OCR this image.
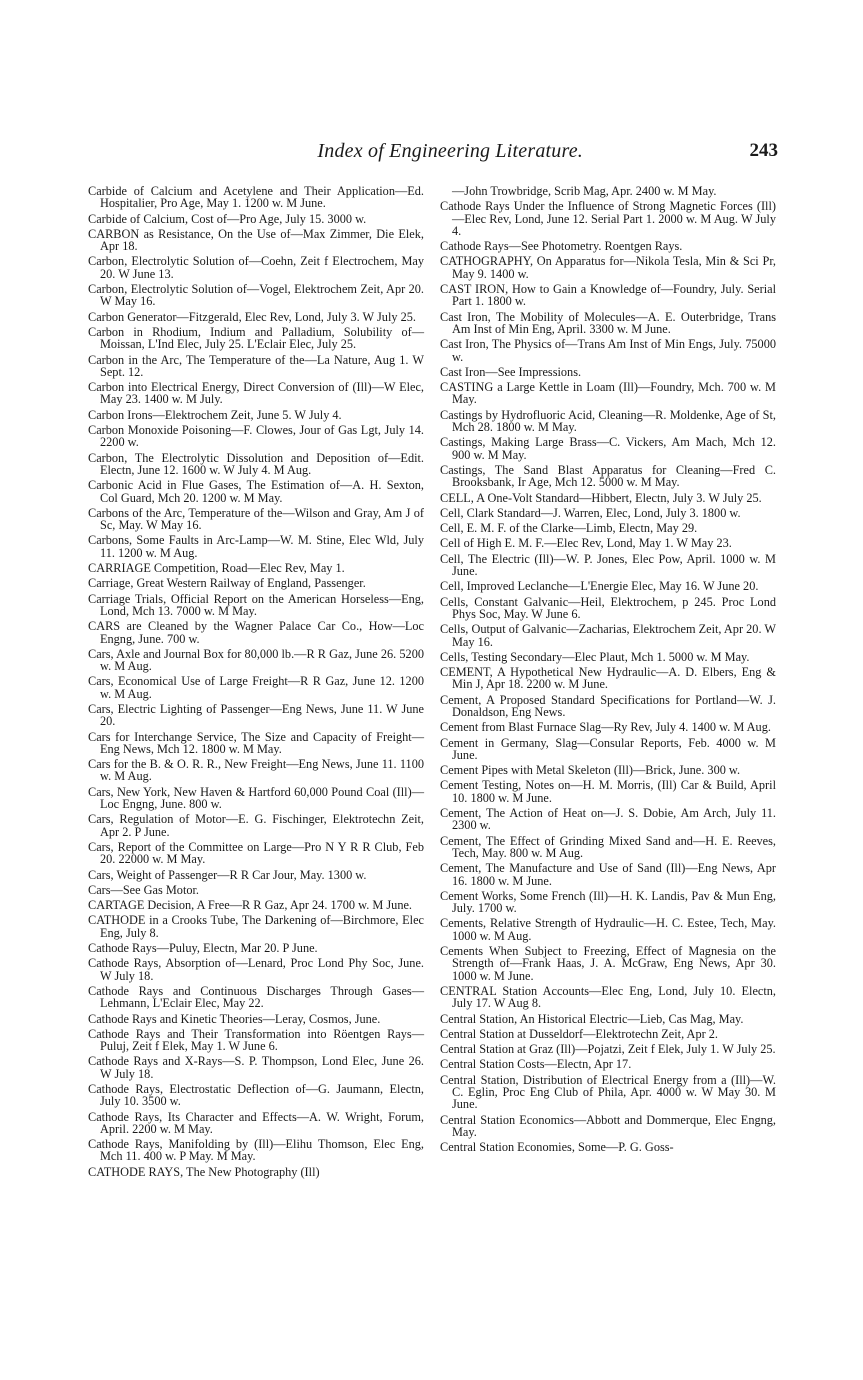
Index of Engineering Literature.	243

Carbide of Calcium and Acetylene and Their Application—Ed. Hospitalier, Pro Age, May 1. 1200 w. M June.

Carbide of Calcium, Cost of—Pro Age, July 15. 3000 w.

CARBON as Resistance, On the Use of—Max Zimmer, Die Elek, Apr 18.

Carbon, Electrolytic Solution of—Coehn, Zeit f Electrochem, May 20. W June 13.

Carbon, Electrolytic Solution of—Vogel, Elektrochem Zeit, Apr 20. W May 16.

Carbon Generator—Fitzgerald, Elec Rev, Lond, July 3. W July 25.

Carbon in Rhodium, Indium and Palladium, Solubility of—Moissan, L'Ind Elec, July 25. L'Eclair Elec, July 25.

Carbon in the Arc, The Temperature of the—La Nature, Aug 1. W Sept. 12.

Carbon into Electrical Energy, Direct Conversion of (Ill)—W Elec, May 23. 1400 w. M July.

Carbon Irons—Elektrochem Zeit, June 5. W July 4.

Carbon Monoxide Poisoning—F. Clowes, Jour of Gas Lgt, July 14. 2200 w.

Carbon, The Electrolytic Dissolution and Deposition of—Edit. Electn, June 12. 1600 w. W July 4. M Aug.

Carbonic Acid in Flue Gases, The Estimation of—A. H. Sexton, Col Guard, Mch 20. 1200 w. M May.

Carbons of the Arc, Temperature of the—Wilson and Gray, Am J of Sc, May. W May 16.

Carbons, Some Faults in Arc-Lamp—W. M. Stine, Elec Wld, July 11. 1200 w. M Aug.

CARRIAGE Competition, Road—Elec Rev, May 1.

Carriage, Great Western Railway of England, Passenger.

Carriage Trials, Official Report on the American Horseless—Eng, Lond, Mch 13. 7000 w. M May.

CARS are Cleaned by the Wagner Palace Car Co., How—Loc Engng, June. 700 w.

Cars, Axle and Journal Box for 80,000 lb.—R R Gaz, June 26. 5200 w. M Aug.

Cars, Economical Use of Large Freight—R R Gaz, June 12. 1200 w. M Aug.

Cars, Electric Lighting of Passenger—Eng News, June 11. W June 20.

Cars for Interchange Service, The Size and Capacity of Freight—Eng News, Mch 12. 1800 w. M May.

Cars for the B. & O. R. R., New Freight—Eng News, June 11. 1100 w. M Aug.

Cars, New York, New Haven & Hartford 60,000 Pound Coal (Ill)—Loc Engng, June. 800 w.

Cars, Regulation of Motor—E. G. Fischinger, Elektrotechn Zeit, Apr 2. P June.

Cars, Report of the Committee on Large—Pro N Y R R Club, Feb 20. 22000 w. M May.

Cars, Weight of Passenger—R R Car Jour, May. 1300 w.

Cars—See Gas Motor.

CARTAGE Decision, A Free—R R Gaz, Apr 24. 1700 w. M June.

CATHODE in a Crooks Tube, The Darkening of—Birchmore, Elec Eng, July 8.

Cathode Rays—Puluy, Electn, Mar 20. P June.

Cathode Rays, Absorption of—Lenard, Proc Lond Phy Soc, June. W July 18.

Cathode Rays and Continuous Discharges Through Gases—Lehmann, L'Eclair Elec, May 22.

Cathode Rays and Kinetic Theories—Leray, Cosmos, June.

Cathode Rays and Their Transformation into Röentgen Rays—Puluj, Zeit f Elek, May 1. W June 6.

Cathode Rays and X-Rays—S. P. Thompson, Lond Elec, June 26. W July 18.

Cathode Rays, Electrostatic Deflection of—G. Jaumann, Electn, July 10. 3500 w.

Cathode Rays, Its Character and Effects—A. W. Wright, Forum, April. 2200 w. M May.

Cathode Rays, Manifolding by (Ill)—Elihu Thomson, Elec Eng, Mch 11. 400 w. P May. M May.

CATHODE RAYS, The New Photography (Ill)

—John Trowbridge, Scrib Mag, Apr. 2400 w. M May.

Cathode Rays Under the Influence of Strong Magnetic Forces (Ill)—Elec Rev, Lond, June 12. Serial Part 1. 2000 w. M Aug. W July 4.

Cathode Rays—See Photometry. Roentgen Rays.

CATHOGRAPHY, On Apparatus for—Nikola Tesla, Min & Sci Pr, May 9. 1400 w.

CAST IRON, How to Gain a Knowledge of—Foundry, July. Serial Part 1. 1800 w.

Cast Iron, The Mobility of Molecules—A. E. Outerbridge, Trans Am Inst of Min Eng, April. 3300 w. M June.

Cast Iron, The Physics of—Trans Am Inst of Min Engs, July. 75000 w.

Cast Iron—See Impressions.

CASTING a Large Kettle in Loam (Ill)—Foundry, Mch. 700 w. M May.

Castings by Hydrofluoric Acid, Cleaning—R. Moldenke, Age of St, Mch 28. 1800 w. M May.

Castings, Making Large Brass—C. Vickers, Am Mach, Mch 12. 900 w. M May.

Castings, The Sand Blast Apparatus for Cleaning—Fred C. Brooksbank, Ir Age, Mch 12. 5000 w. M May.

CELL, A One-Volt Standard—Hibbert, Electn, July 3. W July 25.

Cell, Clark Standard—J. Warren, Elec, Lond, July 3. 1800 w.

Cell, E. M. F. of the Clarke—Limb, Electn, May 29.

Cell of High E. M. F.—Elec Rev, Lond, May 1. W May 23.

Cell, The Electric (Ill)—W. P. Jones, Elec Pow, April. 1000 w. M June.

Cell, Improved Leclanche—L'Energie Elec, May 16. W June 20.

Cells, Constant Galvanic—Heil, Elektrochem, p 245. Proc Lond Phys Soc, May. W June 6.

Cells, Output of Galvanic—Zacharias, Elektrochem Zeit, Apr 20. W May 16.

Cells, Testing Secondary—Elec Plaut, Mch 1. 5000 w. M May.

CEMENT, A Hypothetical New Hydraulic—A. D. Elbers, Eng & Min J, Apr 18. 2200 w. M June.

Cement, A Proposed Standard Specifications for Portland—W. J. Donaldson, Eng News.

Cement from Blast Furnace Slag—Ry Rev, July 4. 1400 w. M Aug.

Cement in Germany, Slag—Consular Reports, Feb. 4000 w. M June.

Cement Pipes with Metal Skeleton (Ill)—Brick, June. 300 w.

Cement Testing, Notes on—H. M. Morris, (Ill) Car & Build, April 10. 1800 w. M June.

Cement, The Action of Heat on—J. S. Dobie, Am Arch, July 11. 2300 w.

Cement, The Effect of Grinding Mixed Sand and—H. E. Reeves, Tech, May. 800 w. M Aug.

Cement, The Manufacture and Use of Sand (Ill)—Eng News, Apr 16. 1800 w. M June.

Cement Works, Some French (Ill)—H. K. Landis, Pav & Mun Eng, July. 1700 w.

Cements, Relative Strength of Hydraulic—H. C. Estee, Tech, May. 1000 w. M Aug.

Cements When Subject to Freezing, Effect of Magnesia on the Strength of—Frank Haas, J. A. McGraw, Eng News, Apr 30. 1000 w. M June.

CENTRAL Station Accounts—Elec Eng, Lond, July 10. Electn, July 17. W Aug 8.

Central Station, An Historical Electric—Lieb, Cas Mag, May.

Central Station at Dusseldorf—Elektrotechn Zeit, Apr 2.

Central Station at Graz (Ill)—Pojatzi, Zeit f Elek, July 1. W July 25.

Central Station Costs—Electn, Apr 17.

Central Station, Distribution of Electrical Energy from a (Ill)—W. C. Eglin, Proc Eng Club of Phila, Apr. 4000 w. W May 30. M June.

Central Station Economics—Abbott and Dommerque, Elec Engng, May.

Central Station Economies, Some—P. G. Goss-
